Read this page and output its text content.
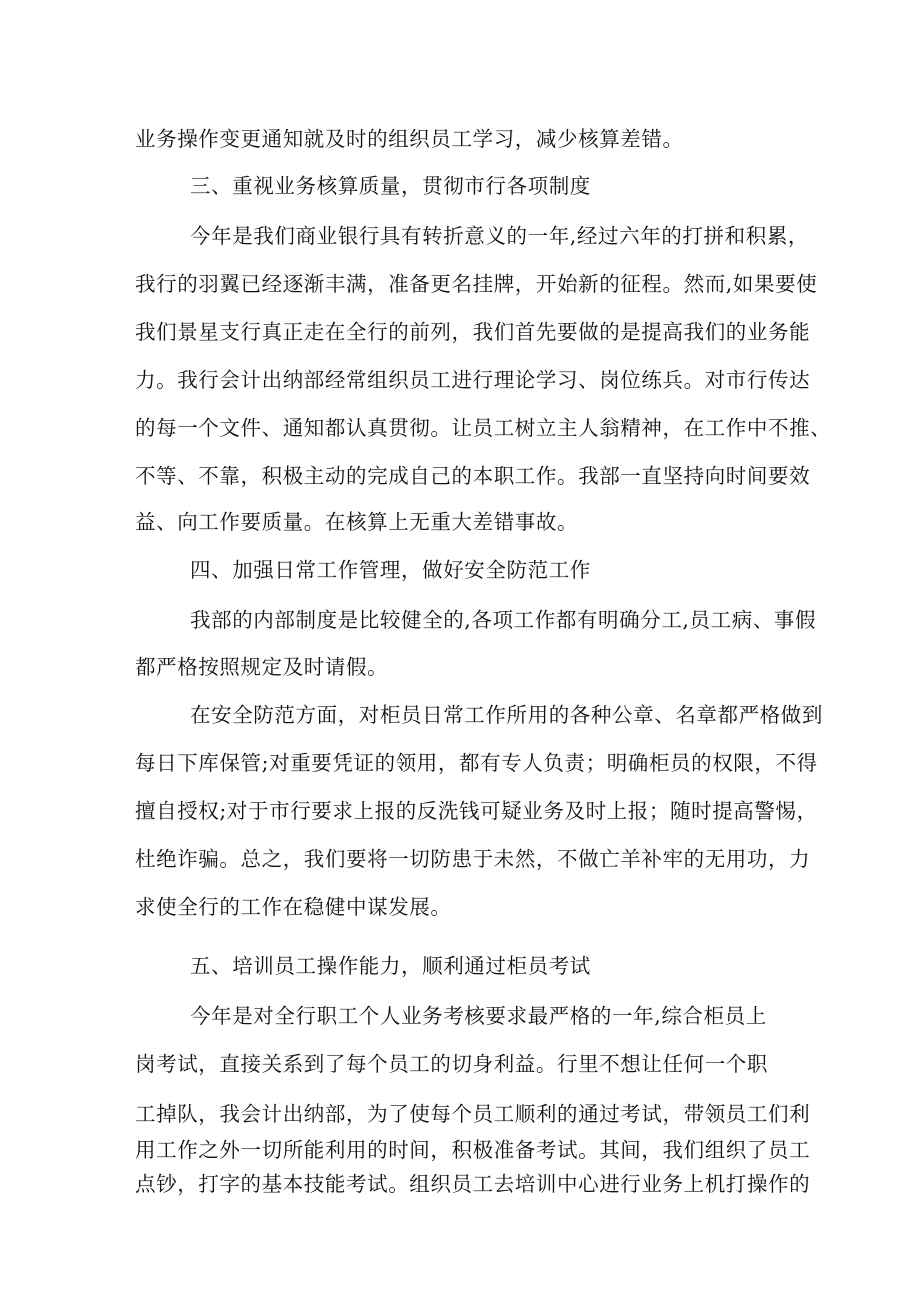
业务操作变更通知就及时的组织员工学习，减少核算差错。
三、重视业务核算质量，贯彻市行各项制度
今年是我们商业银行具有转折意义的一年,经过六年的打拼和积累，
我行的羽翼已经逐渐丰满，准备更名挂牌，开始新的征程。然而,如果要使
我们景星支行真正走在全行的前列，我们首先要做的是提高我们的业务能
力。我行会计出纳部经常组织员工进行理论学习、岗位练兵。对市行传达
的每一个文件、通知都认真贯彻。让员工树立主人翁精神，在工作中不推、
不等、不靠，积极主动的完成自己的本职工作。我部一直坚持向时间要效
益、向工作要质量。在核算上无重大差错事故。
四、加强日常工作管理，做好安全防范工作
我部的内部制度是比较健全的,各项工作都有明确分工,员工病、事假
都严格按照规定及时请假。
在安全防范方面，对柜员日常工作所用的各种公章、名章都严格做到
每日下库保管;对重要凭证的领用，都有专人负责；明确柜员的权限，不得
擅自授权;对于市行要求上报的反洗钱可疑业务及时上报；随时提高警惕，
杜绝诈骗。总之，我们要将一切防患于未然，不做亡羊补牢的无用功，力
求使全行的工作在稳健中谋发展。
五、培训员工操作能力，顺利通过柜员考试
今年是对全行职工个人业务考核要求最严格的一年,综合柜员上
岗考试，直接关系到了每个员工的切身利益。行里不想让任何一个职
工掉队，我会计出纳部，为了使每个员工顺利的通过考试，带领员工们利
用工作之外一切所能利用的时间，积极准备考试。其间，我们组织了员工
点钞，打字的基本技能考试。组织员工去培训中心进行业务上机打操作的
